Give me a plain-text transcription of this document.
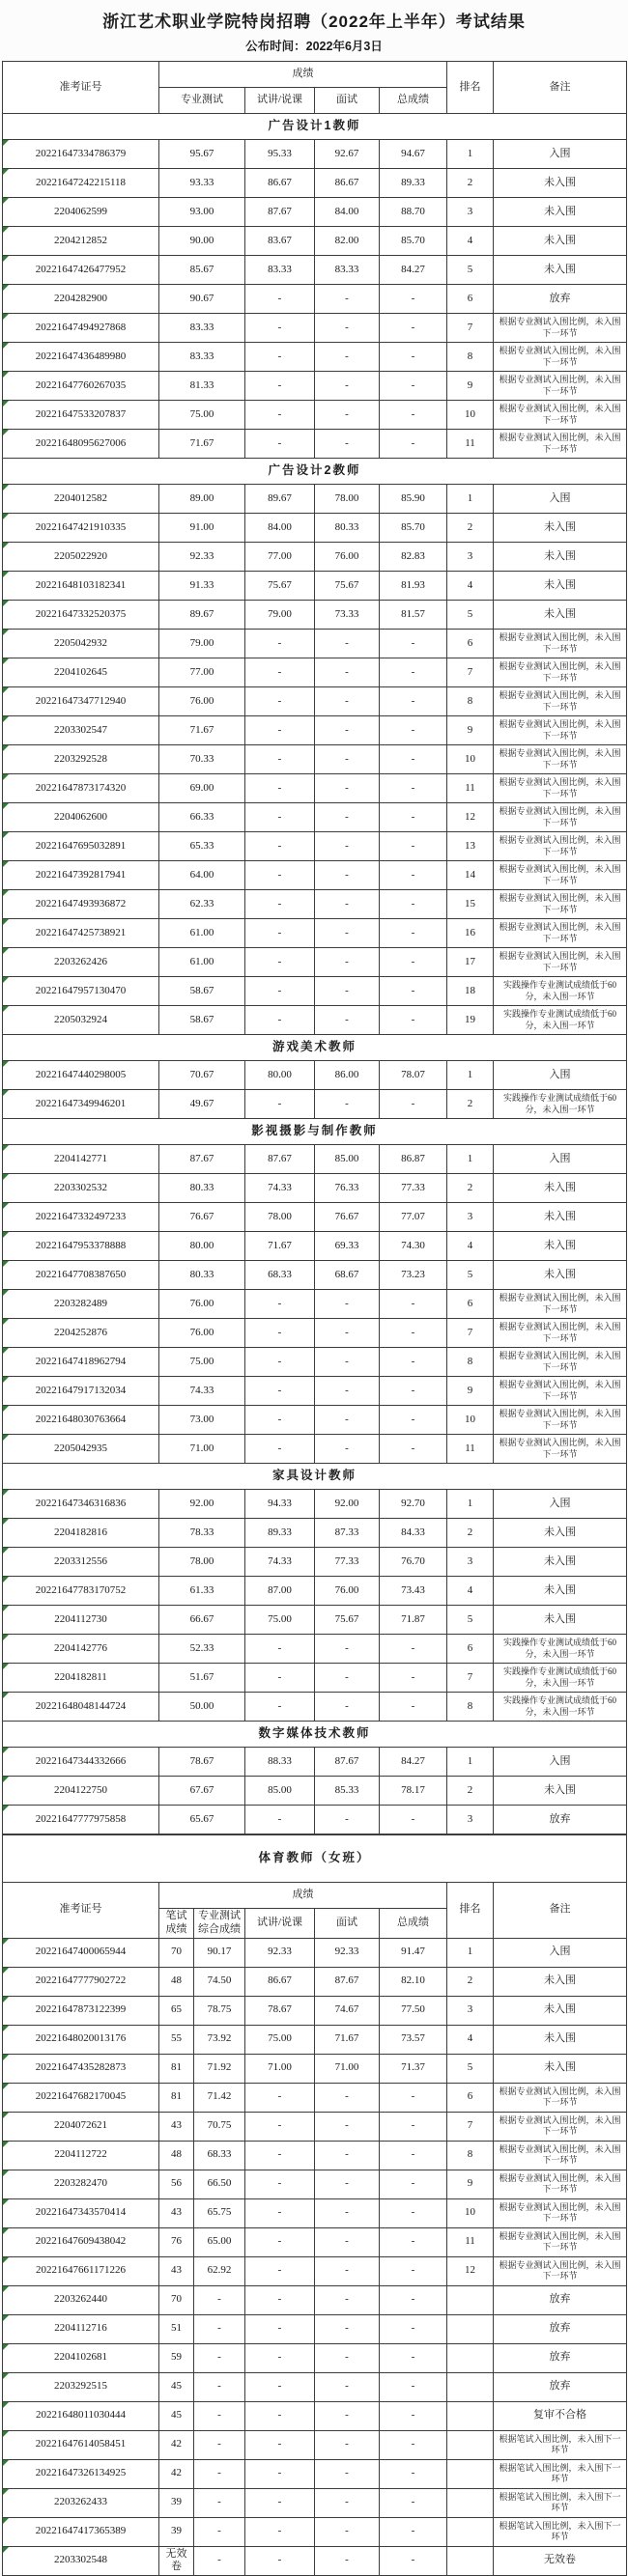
浙江艺术职业学院特岗招聘（2022年上半年）考试结果
公布时间：2022年6月3日
准考证号	成绩				排名	备注
	专业测试	试讲/说课	面试	总成绩		
广告设计1教师						
20221647334786379	95.67	95.33	92.67	94.67	1	入围
20221647242215118	93.33	86.67	86.67	89.33	2	未入围
2204062599	93.00	87.67	84.00	88.70	3	未入围
2204212852	90.00	83.67	82.00	85.70	4	未入围
20221647426477952	85.67	83.33	83.33	84.27	5	未入围
2204282900	90.67	-	-	-	6	放弃
20221647494927868	83.33	-	-	-	7	根据专业测试入围比例，未入围下一环节
20221647436489980	83.33	-	-	-	8	根据专业测试入围比例，未入围下一环节
20221647760267035	81.33	-	-	-	9	根据专业测试入围比例，未入围下一环节
20221647533207837	75.00	-	-	-	10	根据专业测试入围比例，未入围下一环节
20221648095627006	71.67	-	-	-	11	根据专业测试入围比例，未入围下一环节
广告设计2教师						
2204012582	89.00	89.67	78.00	85.90	1	入围
20221647421910335	91.00	84.00	80.33	85.70	2	未入围
2205022920	92.33	77.00	76.00	82.83	3	未入围
20221648103182341	91.33	75.67	75.67	81.93	4	未入围
20221647332520375	89.67	79.00	73.33	81.57	5	未入围
2205042932	79.00	-	-	-	6	根据专业测试入围比例，未入围下一环节
2204102645	77.00	-	-	-	7	根据专业测试入围比例，未入围下一环节
20221647347712940	76.00	-	-	-	8	根据专业测试入围比例，未入围下一环节
2203302547	71.67	-	-	-	9	根据专业测试入围比例，未入围下一环节
2203292528	70.33	-	-	-	10	根据专业测试入围比例，未入围下一环节
20221647873174320	69.00	-	-	-	11	根据专业测试入围比例，未入围下一环节
2204062600	66.33	-	-	-	12	根据专业测试入围比例，未入围下一环节
20221647695032891	65.33	-	-	-	13	根据专业测试入围比例，未入围下一环节
20221647392817941	64.00	-	-	-	14	根据专业测试入围比例，未入围下一环节
20221647493936872	62.33	-	-	-	15	根据专业测试入围比例，未入围下一环节
20221647425738921	61.00	-	-	-	16	根据专业测试入围比例，未入围下一环节
2203262426	61.00	-	-	-	17	根据专业测试入围比例，未入围下一环节
20221647957130470	58.67	-	-	-	18	实践操作专业测试成绩低于60分，未入围一环节
2205032924	58.67	-	-	-	19	实践操作专业测试成绩低于60分，未入围一环节
游戏美术教师						
20221647440298005	70.67	80.00	86.00	78.07	1	入围
20221647349946201	49.67	-	-	-	2	实践操作专业测试成绩低于60分，未入围一环节
影视摄影与制作教师						
2204142771	87.67	87.67	85.00	86.87	1	入围
2203302532	80.33	74.33	76.33	77.33	2	未入围
20221647332497233	76.67	78.00	76.67	77.07	3	未入围
20221647953378888	80.00	71.67	69.33	74.30	4	未入围
20221647708387650	80.33	68.33	68.67	73.23	5	未入围
2203282489	76.00	-	-	-	6	根据专业测试入围比例，未入围下一环节
2204252876	76.00	-	-	-	7	根据专业测试入围比例，未入围下一环节
20221647418962794	75.00	-	-	-	8	根据专业测试入围比例，未入围下一环节
20221647917132034	74.33	-	-	-	9	根据专业测试入围比例，未入围下一环节
20221648030763664	73.00	-	-	-	10	根据专业测试入围比例，未入围下一环节
2205042935	71.00	-	-	-	11	根据专业测试入围比例，未入围下一环节
家具设计教师						
20221647346316836	92.00	94.33	92.00	92.70	1	入围
2204182816	78.33	89.33	87.33	84.33	2	未入围
2203312556	78.00	74.33	77.33	76.70	3	未入围
20221647783170752	61.33	87.00	76.00	73.43	4	未入围
2204112730	66.67	75.00	75.67	71.87	5	未入围
2204142776	52.33	-	-	-	6	实践操作专业测试成绩低于60分，未入围一环节
2204182811	51.67	-	-	-	7	实践操作专业测试成绩低于60分，未入围一环节
20221648048144724	50.00	-	-	-	8	实践操作专业测试成绩低于60分，未入围一环节
数字媒体技术教师						
20221647344332666	78.67	88.33	87.67	84.27	1	入围
2204122750	67.67	85.00	85.33	78.17	2	未入围
20221647777975858	65.67	-	-	-	3	放弃
体育教师（女班）							
准考证号	成绩					排名	备注
	笔试成绩	专业测试综合成绩	试讲/说课	面试	总成绩		
20221647400065944	70	90.17	92.33	92.33	91.47	1	入围
20221647777902722	48	74.50	86.67	87.67	82.10	2	未入围
20221647873122399	65	78.75	78.67	74.67	77.50	3	未入围
20221648020013176	55	73.92	75.00	71.67	73.57	4	未入围
20221647435282873	81	71.92	71.00	71.00	71.37	5	未入围
20221647682170045	81	71.42	-	-	-	6	根据专业测试入围比例，未入围下一环节
2204072621	43	70.75	-	-	-	7	根据专业测试入围比例，未入围下一环节
2204112722	48	68.33	-	-	-	8	根据专业测试入围比例，未入围下一环节
2203282470	56	66.50	-	-	-	9	根据专业测试入围比例，未入围下一环节
20221647343570414	43	65.75	-	-	-	10	根据专业测试入围比例，未入围下一环节
20221647609438042	76	65.00	-	-	-	11	根据专业测试入围比例，未入围下一环节
20221647661171226	43	62.92	-	-	-	12	根据专业测试入围比例，未入围下一环节
2203262440	70	-	-	-	-		放弃
2204112716	51	-	-	-	-		放弃
2204102681	59	-	-	-	-		放弃
2203292515	45	-	-	-	-		放弃
20221648011030444	45	-	-	-	-		复审不合格
20221647614058451	42	-	-	-	-		根据笔试入围比例，未入围下一环节
20221647326134925	42	-	-	-	-		根据笔试入围比例，未入围下一环节
2203262433	39	-	-	-	-		根据笔试入围比例，未入围下一环节
20221647417365389	39	-	-	-	-		根据笔试入围比例，未入围下一环节
2203302548	无效卷	-	-	-	-		无效卷
